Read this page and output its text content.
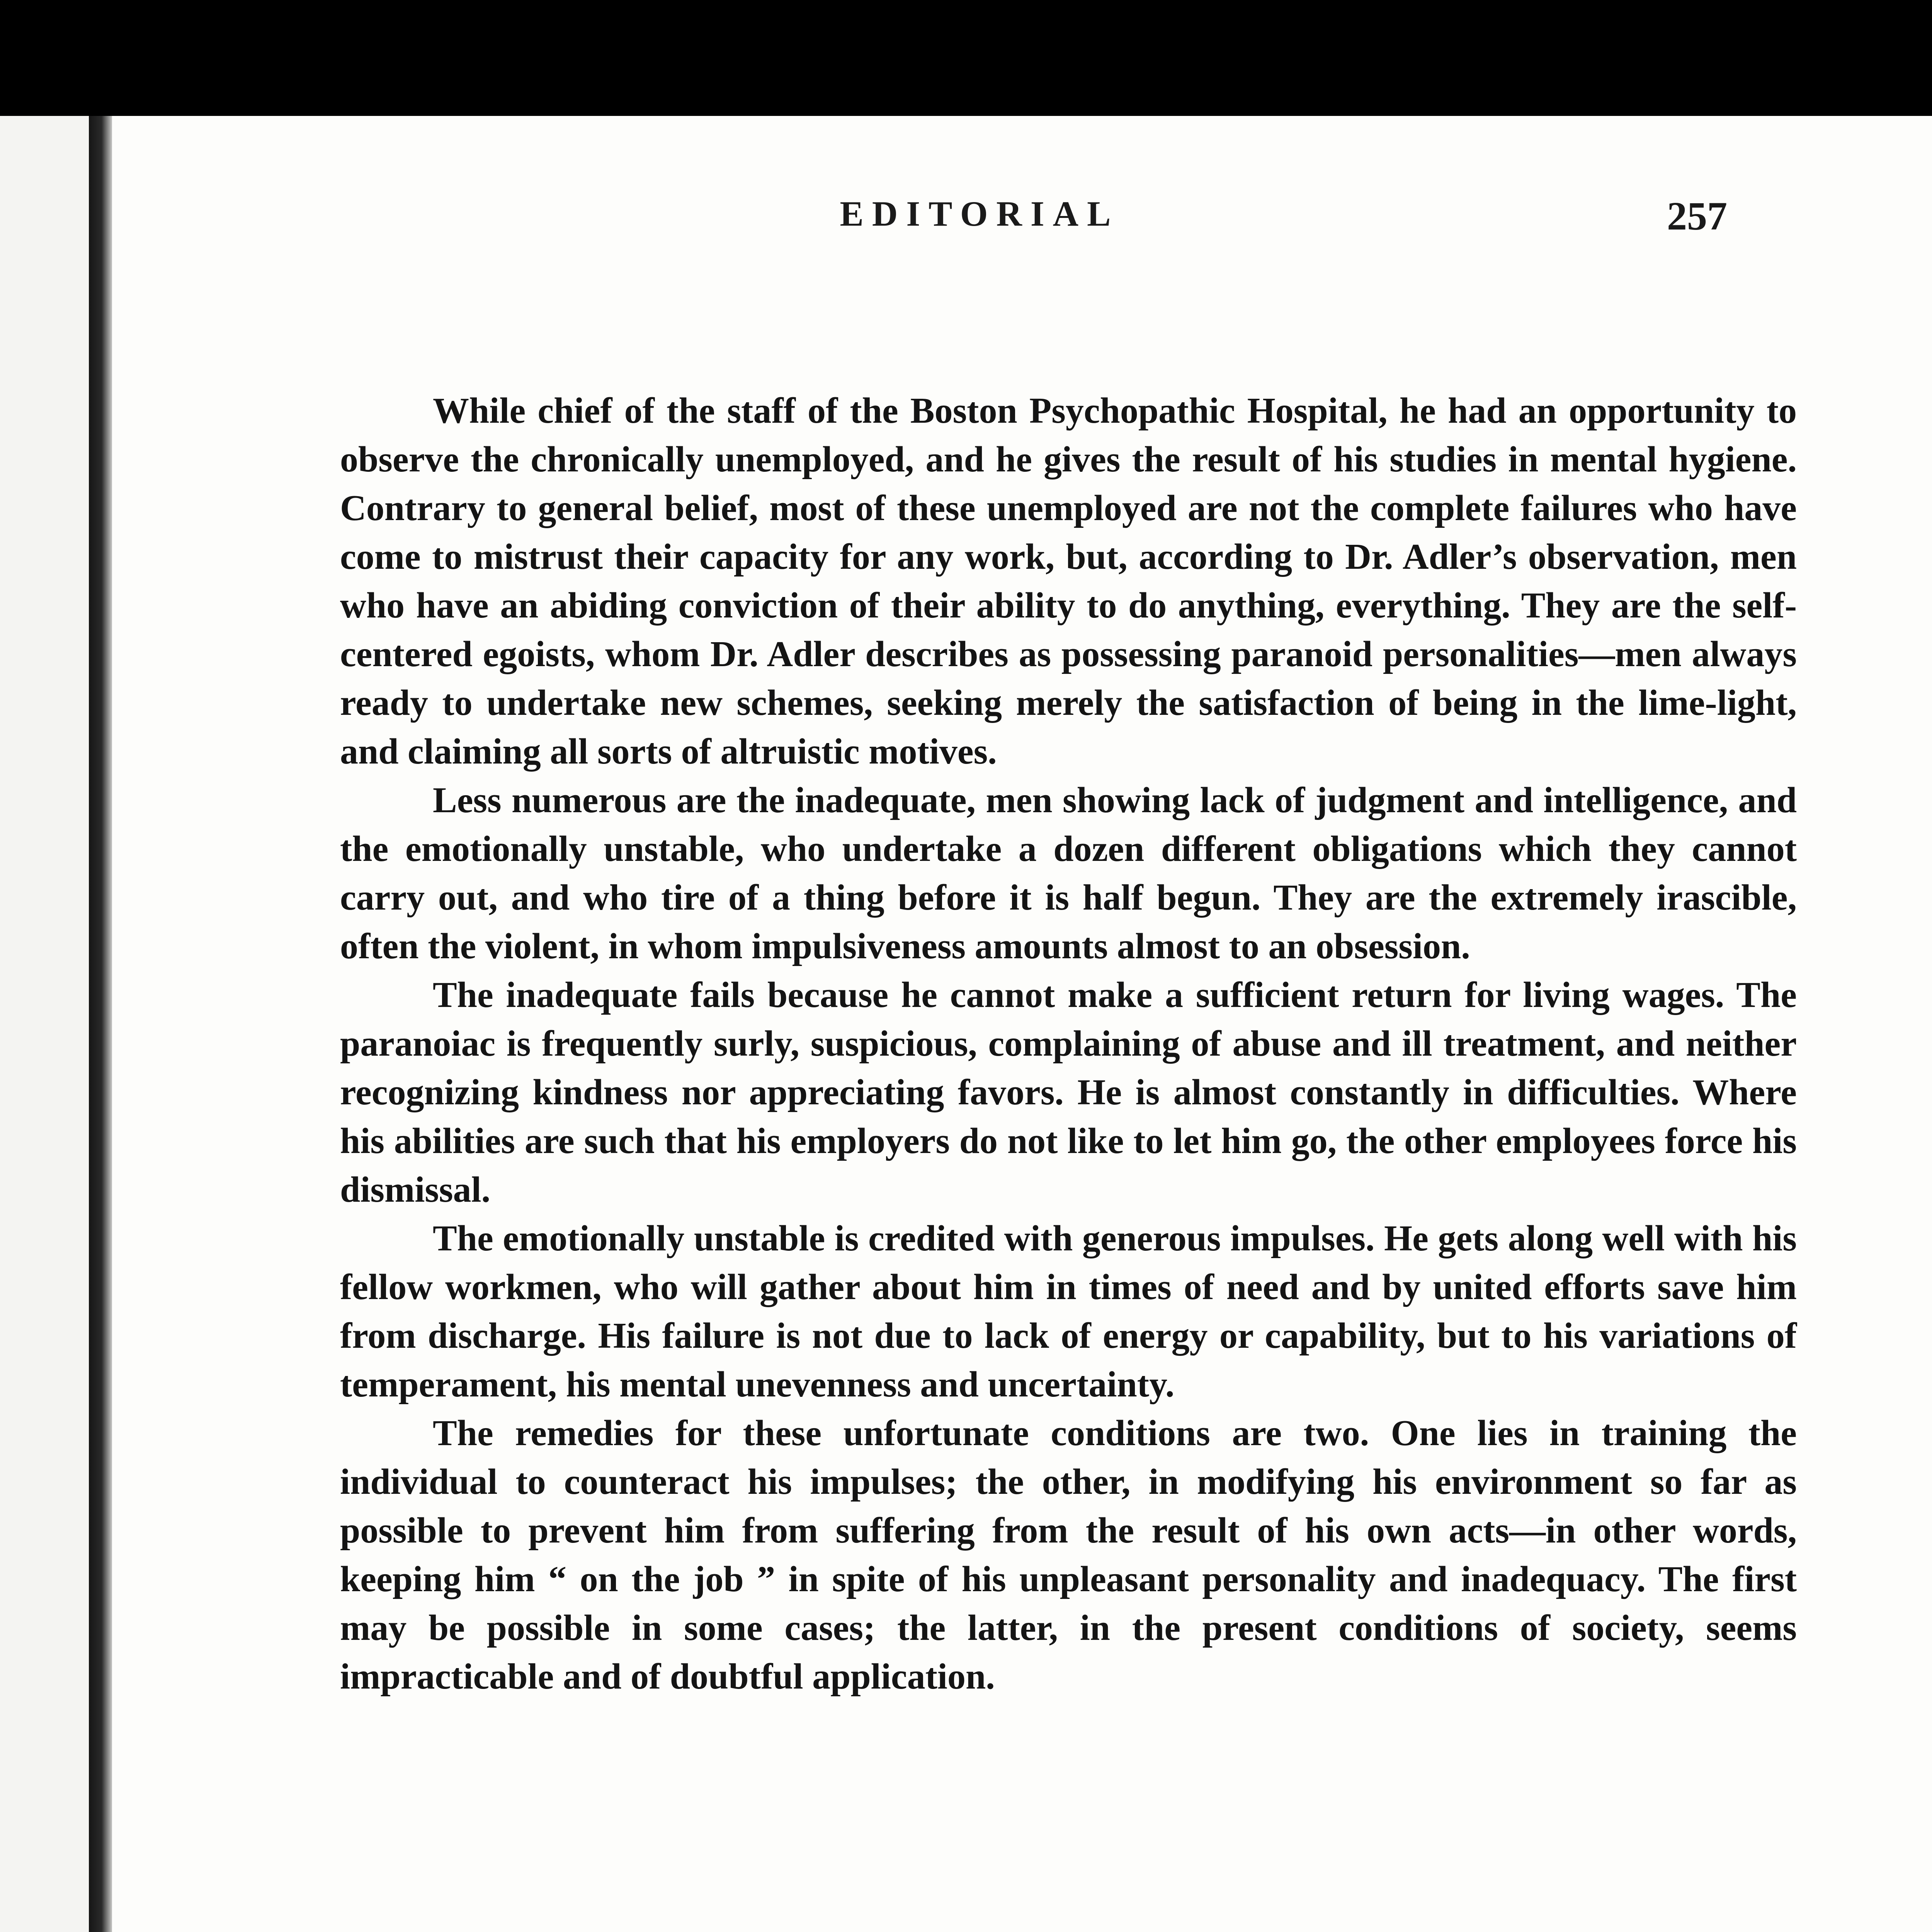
EDITORIAL	257

While chief of the staff of the Boston Psychopathic Hospital, he had an opportunity to observe the chronically unemployed, and he gives the result of his studies in mental hygiene. Contrary to general belief, most of these unemployed are not the complete failures who have come to mistrust their capacity for any work, but, according to Dr. Adler’s observation, men who have an abiding conviction of their ability to do anything, everything. They are the self-centered egoists, whom Dr. Adler describes as possessing paranoid personalities—men always ready to undertake new schemes, seeking merely the satisfaction of being in the lime-light, and claiming all sorts of altruistic motives.

Less numerous are the inadequate, men showing lack of judgment and intelligence, and the emotionally unstable, who undertake a dozen different obligations which they cannot carry out, and who tire of a thing before it is half begun. They are the extremely irascible, often the violent, in whom impulsiveness amounts almost to an obsession.

The inadequate fails because he cannot make a sufficient return for living wages. The paranoiac is frequently surly, suspicious, complaining of abuse and ill treatment, and neither recognizing kindness nor appreciating favors. He is almost constantly in difficulties. Where his abilities are such that his employers do not like to let him go, the other employees force his dismissal.

The emotionally unstable is credited with generous impulses. He gets along well with his fellow workmen, who will gather about him in times of need and by united efforts save him from discharge. His failure is not due to lack of energy or capability, but to his variations of temperament, his mental unevenness and uncertainty.

The remedies for these unfortunate conditions are two. One lies in training the individual to counteract his impulses; the other, in modifying his environment so far as possible to prevent him from suffering from the result of his own acts—in other words, keeping him “ on the job ” in spite of his unpleasant personality and inadequacy. The first may be possible in some cases; the latter, in the present conditions of society, seems impracticable and of doubtful application.
